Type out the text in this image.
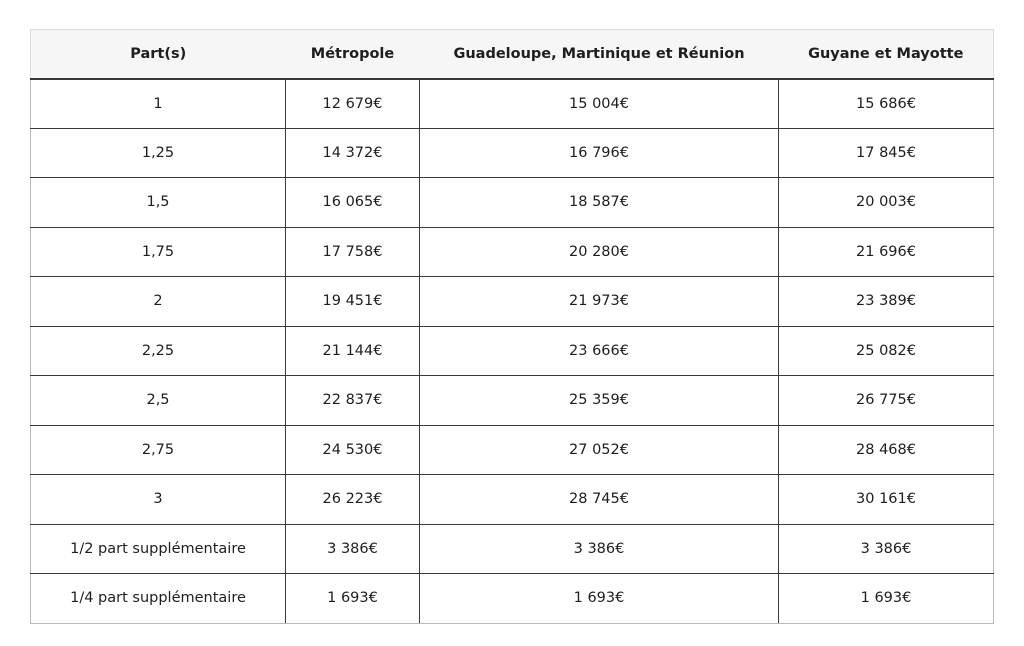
Part(s)	Métropole	Guadeloupe, Martinique et Réunion	Guyane et Mayotte
1	12 679€	15 004€	15 686€
1,25	14 372€	16 796€	17 845€
1,5	16 065€	18 587€	20 003€
1,75	17 758€	20 280€	21 696€
2	19 451€	21 973€	23 389€
2,25	21 144€	23 666€	25 082€
2,5	22 837€	25 359€	26 775€
2,75	24 530€	27 052€	28 468€
3	26 223€	28 745€	30 161€
1/2 part supplémentaire	3 386€	3 386€	3 386€
1/4 part supplémentaire	1 693€	1 693€	1 693€
